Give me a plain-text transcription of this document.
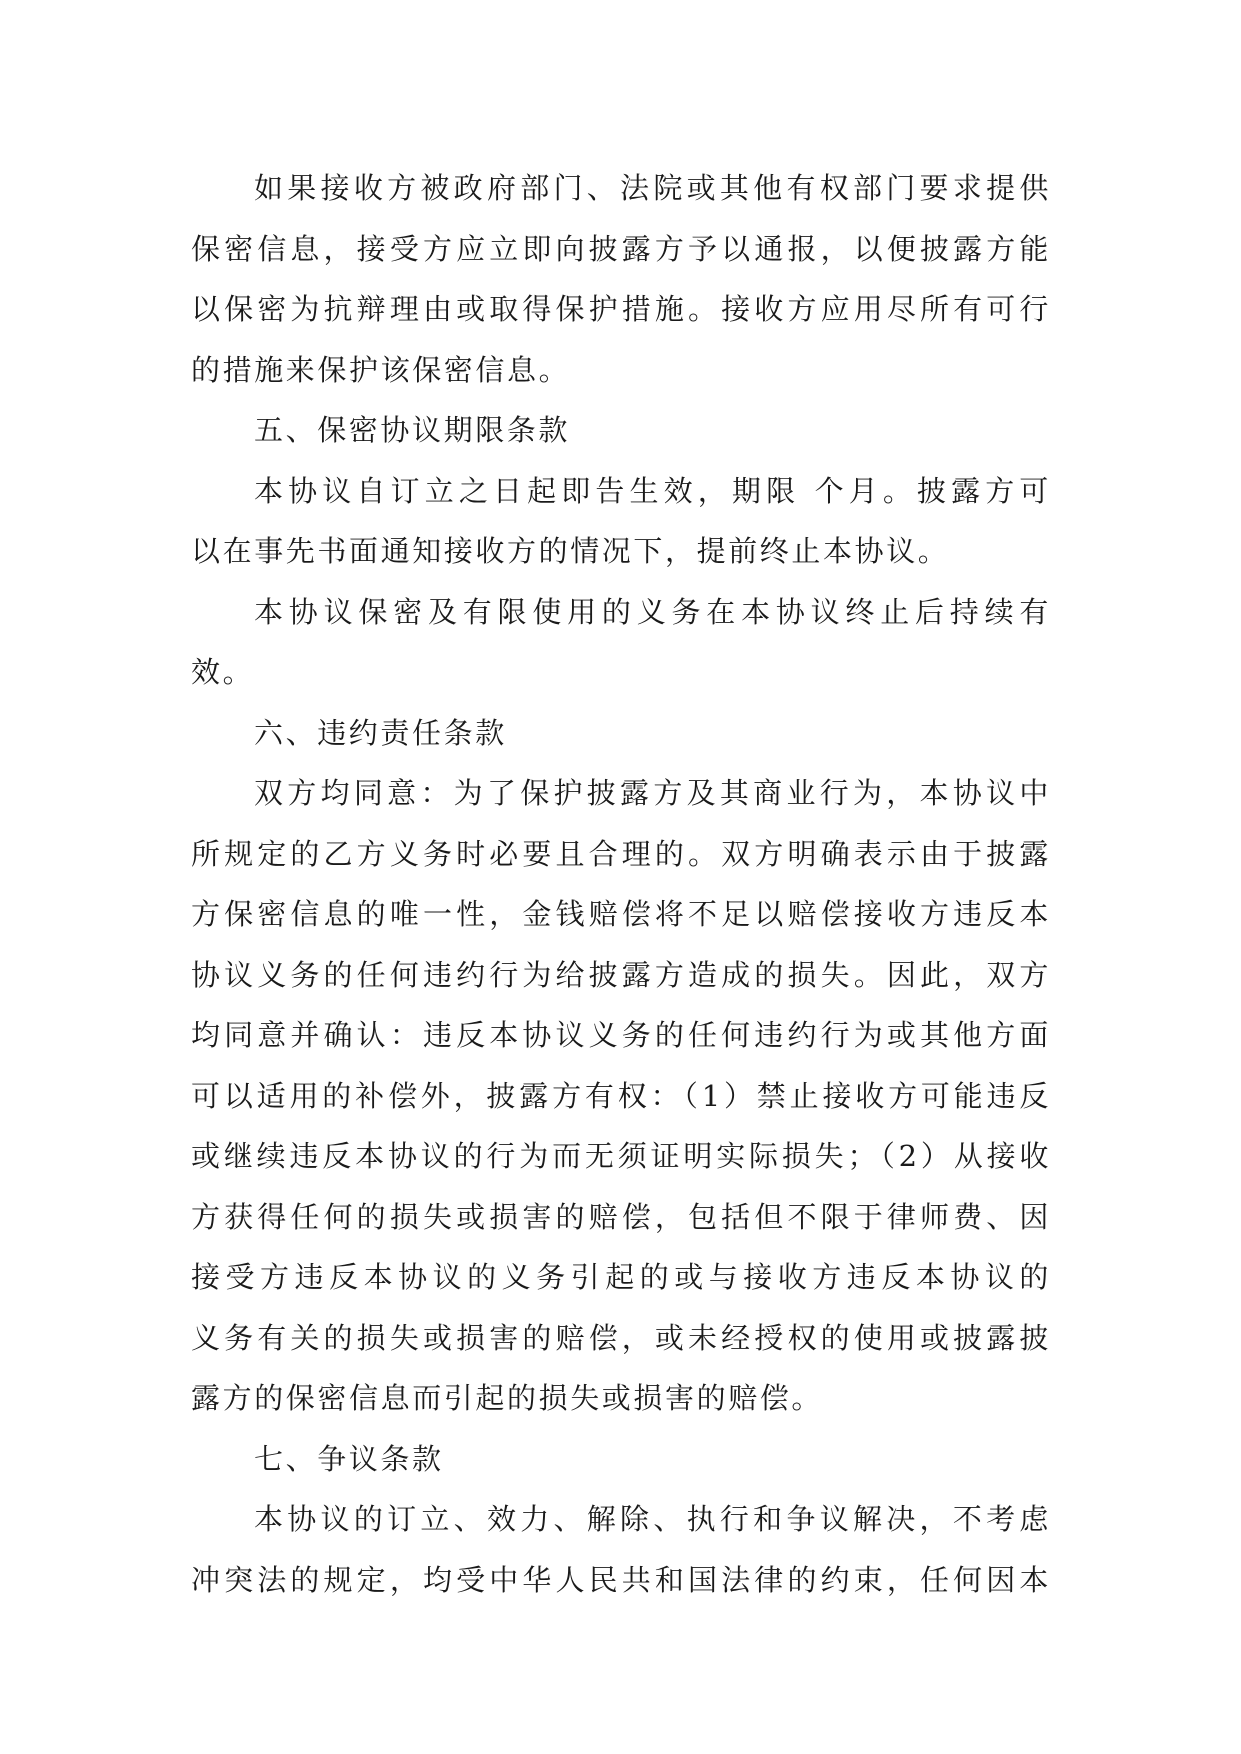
如果接收方被政府部门、法院或其他有权部门要求提供
保密信息，接受方应立即向披露方予以通报，以便披露方能
以保密为抗辩理由或取得保护措施。接收方应用尽所有可行
的措施来保护该保密信息。
五、保密协议期限条款
本协议自订立之日起即告生效，期限 个月。披露方可
以在事先书面通知接收方的情况下，提前终止本协议。
本协议保密及有限使用的义务在本协议终止后持续有
效。
六、违约责任条款
双方均同意：为了保护披露方及其商业行为，本协议中
所规定的乙方义务时必要且合理的。双方明确表示由于披露
方保密信息的唯一性，金钱赔偿将不足以赔偿接收方违反本
协议义务的任何违约行为给披露方造成的损失。因此，双方
均同意并确认：违反本协议义务的任何违约行为或其他方面
可以适用的补偿外，披露方有权：（1）禁止接收方可能违反
或继续违反本协议的行为而无须证明实际损失；（2）从接收
方获得任何的损失或损害的赔偿，包括但不限于律师费、因
接受方违反本协议的义务引起的或与接收方违反本协议的
义务有关的损失或损害的赔偿，或未经授权的使用或披露披
露方的保密信息而引起的损失或损害的赔偿。
七、争议条款
本协议的订立、效力、解除、执行和争议解决，不考虑
冲突法的规定，均受中华人民共和国法律的约束，任何因本
